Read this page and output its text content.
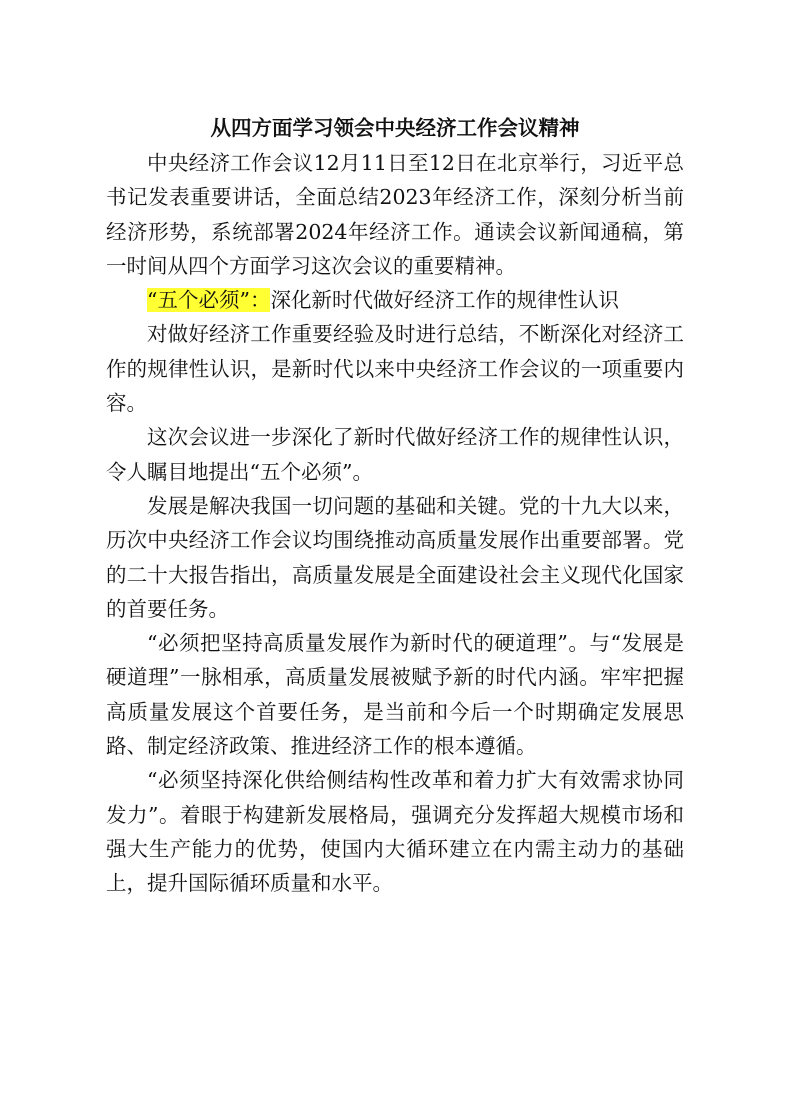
从四方面学习领会中央经济工作会议精神

中央经济工作会议12月11日至12日在北京举行，习近平总书记发表重要讲话，全面总结2023年经济工作，深刻分析当前经济形势，系统部署2024年经济工作。通读会议新闻通稿，第一时间从四个方面学习这次会议的重要精神。

“五个必须”：深化新时代做好经济工作的规律性认识

对做好经济工作重要经验及时进行总结，不断深化对经济工作的规律性认识，是新时代以来中央经济工作会议的一项重要内容。

这次会议进一步深化了新时代做好经济工作的规律性认识，令人瞩目地提出“五个必须”。

发展是解决我国一切问题的基础和关键。党的十九大以来，历次中央经济工作会议均围绕推动高质量发展作出重要部署。党的二十大报告指出，高质量发展是全面建设社会主义现代化国家的首要任务。

“必须把坚持高质量发展作为新时代的硬道理”。与“发展是硬道理”一脉相承，高质量发展被赋予新的时代内涵。牢牢把握高质量发展这个首要任务，是当前和今后一个时期确定发展思路、制定经济政策、推进经济工作的根本遵循。

“必须坚持深化供给侧结构性改革和着力扩大有效需求协同发力”。着眼于构建新发展格局，强调充分发挥超大规模市场和强大生产能力的优势，使国内大循环建立在内需主动力的基础上，提升国际循环质量和水平。
